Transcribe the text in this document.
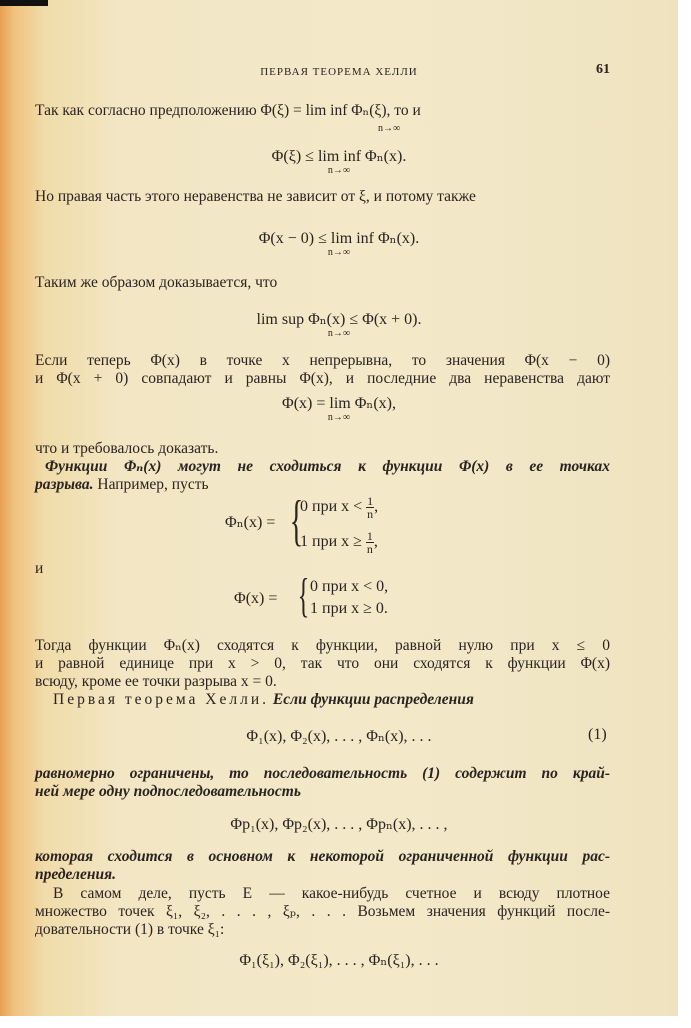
ПЕРВАЯ ТЕОРЕМА ХЕЛЛИ	61
Так как согласно предположению Φ(ξ) = lim inf Φₙ(ξ), то и
n→∞
Φ(ξ) ≤ lim inf Φₙ(x).
n→∞
Но правая часть этого неравенства не зависит от ξ, и потому также
Φ(x − 0) ≤ lim inf Φₙ(x).
n→∞
Таким же образом доказывается, что
lim sup Φₙ(x) ≤ Φ(x + 0).
n→∞
Если теперь Φ(x) в точке x непрерывна, то значения Φ(x − 0)
и Φ(x + 0) совпадают и равны Φ(x), и последние два неравенства дают
Φ(x) = lim Φₙ(x),
n→∞
что и требовалось доказать.
Функции Φₙ(x) могут не сходиться к функции Φ(x) в ее точках
разрыва. Например, пусть
Φₙ(x) = {
0 при $x < \frac{1}{n}$ ,
1 при $x \ge \frac{1}{n}$ ,
и
Φ(x) = { 0 при x < 0,
1 при x ≥ 0.
Тогда функции Φₙ(x) сходятся к функции, равной нулю при x ≤ 0
и равной единице при x > 0, так что они сходятся к функции Φ(x)
всюду, кроме ее точки разрыва x = 0.
Первая теорема Хелли. Если функции распределения
Φ₁(x), Φ₂(x), . . . , Φₙ(x), . . .	(1)
равномерно ограничены, то последовательность (1) содержит по край-
ней мере одну подпоследовательность
Φp₁(x), Φp₂(x), . . . , Φpₙ(x), . . . ,
которая сходится в основном к некоторой ограниченной функции рас-
пределения.
В самом деле, пусть E — какое-нибудь счетное и всюду плотное
множество точек ξ₁, ξ₂, . . . , ξₚ, . . . Возьмем значения функций после-
довательности (1) в точке ξ₁:
Φ₁(ξ₁), Φ₂(ξ₁), . . . , Φₙ(ξ₁), . . .
